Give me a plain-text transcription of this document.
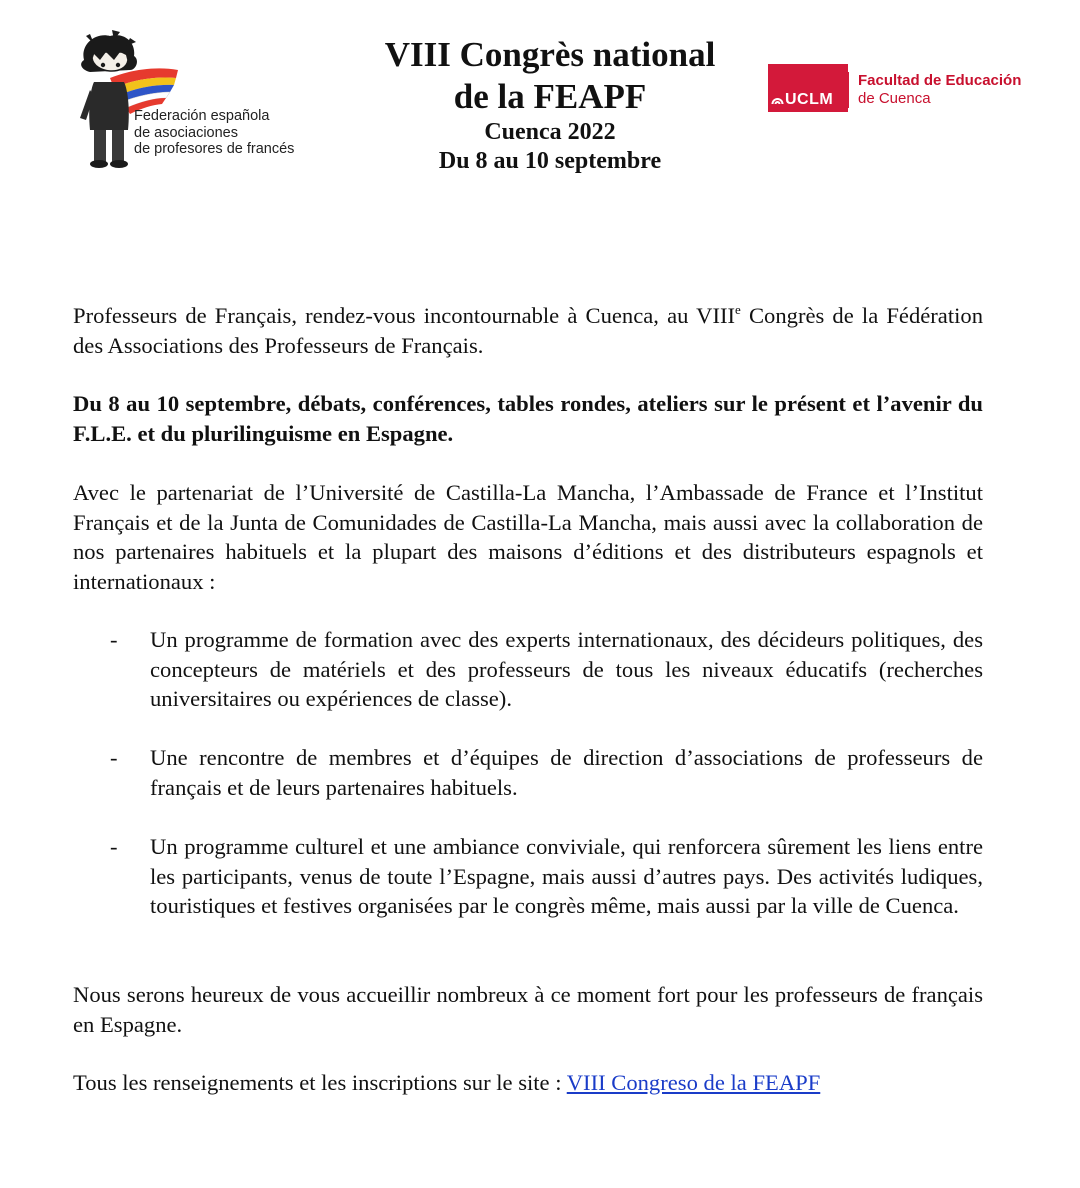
Federación española
de asociaciones
de profesores de francés
VIII Congrès national
de la FEAPF
Cuenca 2022
Du 8 au 10 septembre
UCLM
Facultad de Educación
de Cuenca

Professeurs de Français, rendez-vous incontournable à Cuenca, au VIIIe Congrès de la Fédération des Associations des Professeurs de Français.

Du 8 au 10 septembre, débats, conférences, tables rondes, ateliers sur le présent et l’avenir du F.L.E. et du plurilinguisme en Espagne.

Avec le partenariat de l’Université de Castilla-La Mancha, l’Ambassade de France et l’Institut Français et de la Junta de Comunidades de Castilla-La Mancha, mais aussi avec la collaboration de nos partenaires habituels et la plupart des maisons d’éditions et des distributeurs espagnols et internationaux :

- Un programme de formation avec des experts internationaux, des décideurs politiques, des concepteurs de matériels et des professeurs de tous les niveaux éducatifs (recherches universitaires ou expériences de classe).
- Une rencontre de membres et d’équipes de direction d’associations de professeurs de français et de leurs partenaires habituels.
- Un programme culturel et une ambiance conviviale, qui renforcera sûrement les liens entre les participants, venus de toute l’Espagne, mais aussi d’autres pays. Des activités ludiques, touristiques et festives organisées par le congrès même, mais aussi par la ville de Cuenca.

Nous serons heureux de vous accueillir nombreux à ce moment fort pour les professeurs de français en Espagne.

Tous les renseignements et les inscriptions sur le site : VIII Congreso de la FEAPF
